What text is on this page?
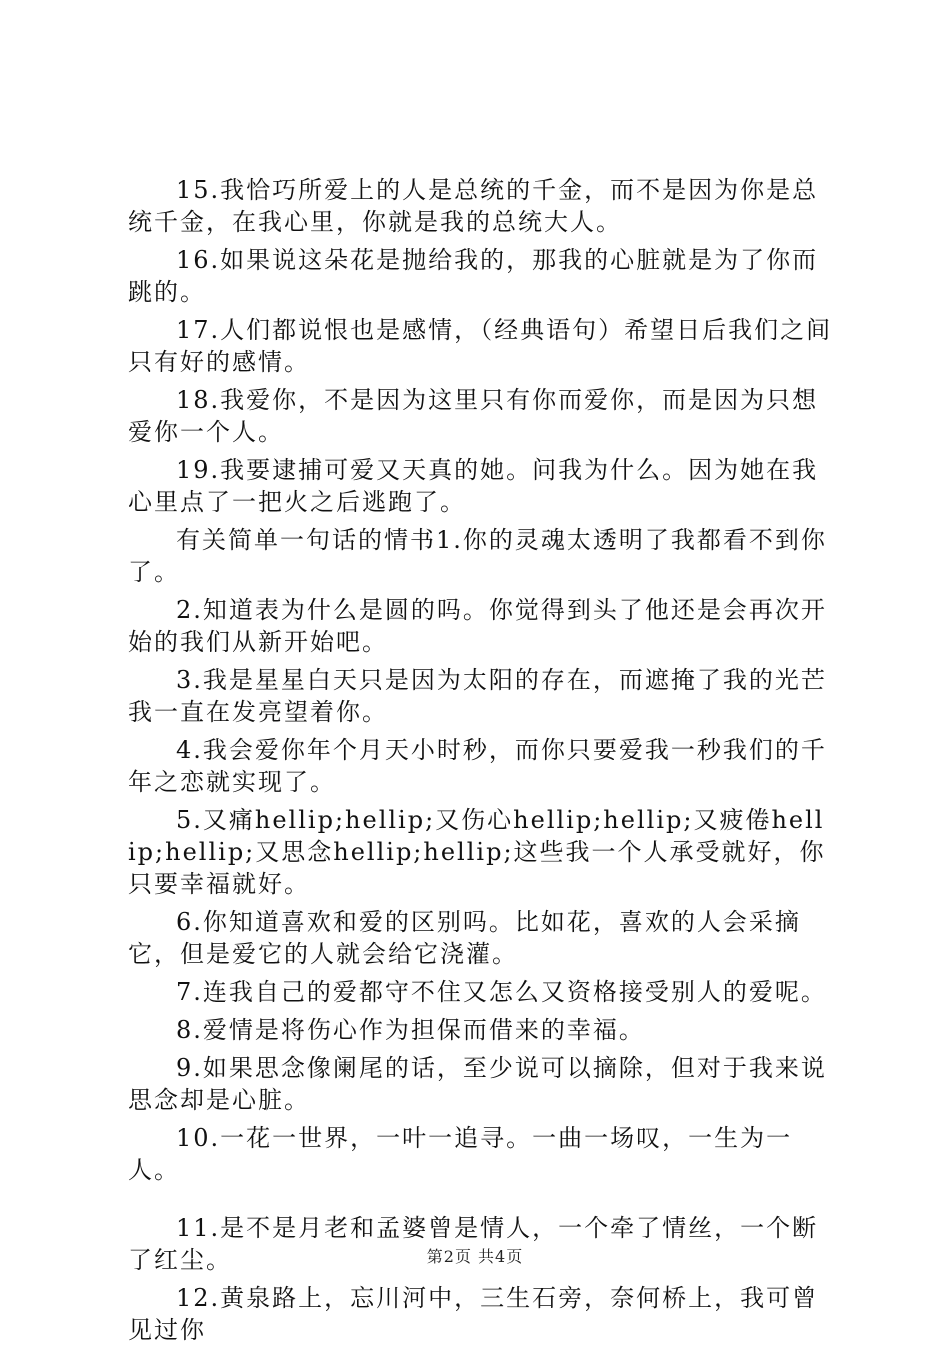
15.我恰巧所爱上的人是总统的千金，而不是因为你是总统千金，在我心里，你就是我的总统大人。

16.如果说这朵花是抛给我的，那我的心脏就是为了你而跳的。

17.人们都说恨也是感情，（经典语句）希望日后我们之间只有好的感情。

18.我爱你，不是因为这里只有你而爱你，而是因为只想爱你一个人。

19.我要逮捕可爱又天真的她。问我为什么。因为她在我心里点了一把火之后逃跑了。

有关简单一句话的情书1.你的灵魂太透明了我都看不到你了。

2.知道表为什么是圆的吗。你觉得到头了他还是会再次开始的我们从新开始吧。

3.我是星星白天只是因为太阳的存在，而遮掩了我的光芒我一直在发亮望着你。

4.我会爱你年个月天小时秒，而你只要爱我一秒我们的千年之恋就实现了。

5.又痛hellip;hellip;又伤心hellip;hellip;又疲倦hellip;hellip;又思念hellip;hellip;这些我一个人承受就好，你只要幸福就好。

6.你知道喜欢和爱的区别吗。比如花，喜欢的人会采摘它，但是爱它的人就会给它浇灌。

7.连我自己的爱都守不住又怎么又资格接受别人的爱呢。

8.爱情是将伤心作为担保而借来的幸福。

9.如果思念像阑尾的话，至少说可以摘除，但对于我来说思念却是心脏。

10.一花一世界，一叶一追寻。一曲一场叹，一生为一人。

11.是不是月老和孟婆曾是情人，一个牵了情丝，一个断了红尘。

12.黄泉路上，忘川河中，三生石旁，奈何桥上，我可曾见过你

第2页 共4页
